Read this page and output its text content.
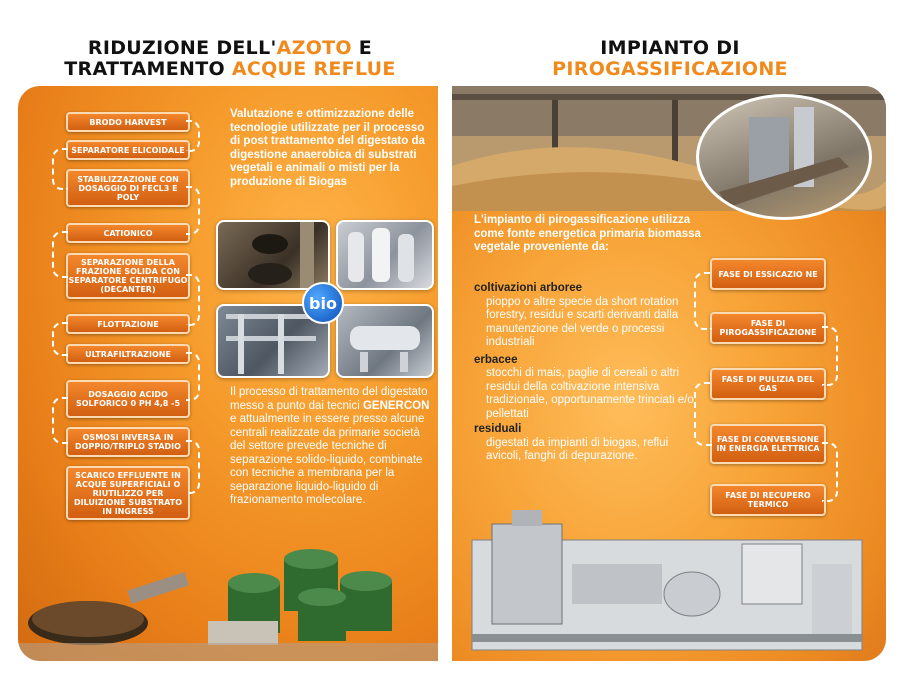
RIDUZIONE DELL'AZOTO E
TRATTAMENTO ACQUE REFLUE
IMPIANTO DI
PIROGASSIFICAZIONE
BRODO HARVEST
SEPARATORE ELICOIDALE
STABILIZZAZIONE CON DOSAGGIO DI FECL3 E POLY
CATIONICO
SEPARAZIONE DELLA FRAZIONE SOLIDA CON SEPARATORE CENTRIFUGO (DECANTER)
FLOTTAZIONE
ULTRAFILTRAZIONE
DOSAGGIO ACIDO SOLFORICO 0 PH 4,8 -5
OSMOSI INVERSA IN DOPPIO/TRIPLO STADIO
SCARICO EFFLUENTE IN ACQUE SUPERFICIALI O RIUTILIZZO PER DILUIZIONE SUBSTRATO IN INGRESS
Valutazione e ottimizzazione delle tecnologie utilizzate per il processo di post trattamento del digestato da digestione anaerobica di substrati vegetali e animali o misti per la produzione di Biogas
bio
Il processo di trattamento del digestato messo a punto dai tecnici GENERCON e attualmente in essere presso alcune centrali realizzate da primarie società del settore prevede tecniche di separazione solido-liquido, combinate con tecniche a membrana per la separazione liquido-liquido di frazionamento molecolare.
L'impianto di pirogassificazione utilizza come fonte energetica primaria biomassa vegetale proveniente da:
coltivazioni arboree
pioppo o altre specie da short rotation forestry, residui e scarti derivanti dalla manutenzione del verde o processi industriali
erbacee
stocchi di mais, paglie di cereali o altri residui della coltivazione intensiva tradizionale, opportunamente trinciati e/o pellettati
residuali
digestati da impianti di biogas, reflui avicoli, fanghi di depurazione.
FASE DI ESSICAZIO NE
FASE DI PIROGASSIFICAZIONE
FASE DI PULIZIA DEL GAS
FASE DI CONVERSIONE IN ENERGIA ELETTRICA
FASE DI RECUPERO TERMICO
